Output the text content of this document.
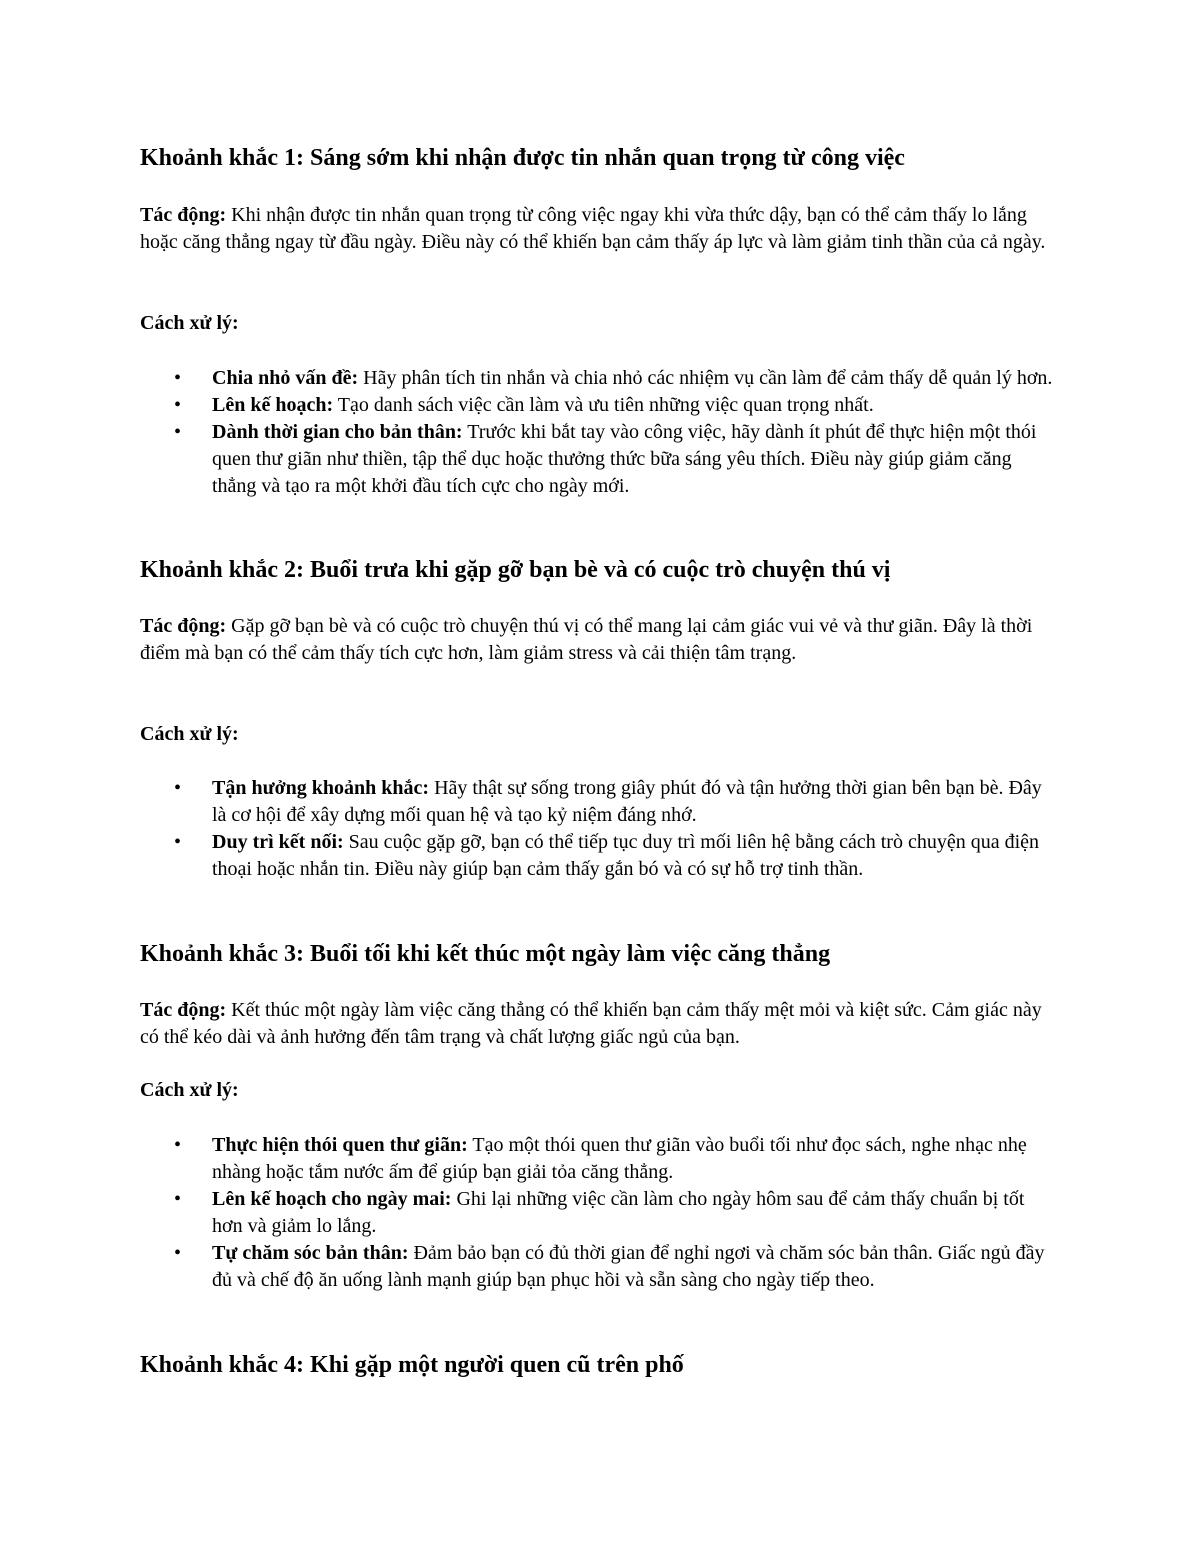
Khoảnh khắc 1: Sáng sớm khi nhận được tin nhắn quan trọng từ công việc

Tác động: Khi nhận được tin nhắn quan trọng từ công việc ngay khi vừa thức dậy, bạn có thể cảm thấy lo lắng hoặc căng thẳng ngay từ đầu ngày. Điều này có thể khiến bạn cảm thấy áp lực và làm giảm tinh thần của cả ngày.

Cách xử lý:

• Chia nhỏ vấn đề: Hãy phân tích tin nhắn và chia nhỏ các nhiệm vụ cần làm để cảm thấy dễ quản lý hơn.
• Lên kế hoạch: Tạo danh sách việc cần làm và ưu tiên những việc quan trọng nhất.
• Dành thời gian cho bản thân: Trước khi bắt tay vào công việc, hãy dành ít phút để thực hiện một thói quen thư giãn như thiền, tập thể dục hoặc thưởng thức bữa sáng yêu thích. Điều này giúp giảm căng thẳng và tạo ra một khởi đầu tích cực cho ngày mới.
Khoảnh khắc 2: Buổi trưa khi gặp gỡ bạn bè và có cuộc trò chuyện thú vị

Tác động: Gặp gỡ bạn bè và có cuộc trò chuyện thú vị có thể mang lại cảm giác vui vẻ và thư giãn. Đây là thời điểm mà bạn có thể cảm thấy tích cực hơn, làm giảm stress và cải thiện tâm trạng.

Cách xử lý:

• Tận hưởng khoảnh khắc: Hãy thật sự sống trong giây phút đó và tận hưởng thời gian bên bạn bè. Đây là cơ hội để xây dựng mối quan hệ và tạo kỷ niệm đáng nhớ.
• Duy trì kết nối: Sau cuộc gặp gỡ, bạn có thể tiếp tục duy trì mối liên hệ bằng cách trò chuyện qua điện thoại hoặc nhắn tin. Điều này giúp bạn cảm thấy gắn bó và có sự hỗ trợ tinh thần.
Khoảnh khắc 3: Buổi tối khi kết thúc một ngày làm việc căng thẳng

Tác động: Kết thúc một ngày làm việc căng thẳng có thể khiến bạn cảm thấy mệt mỏi và kiệt sức. Cảm giác này có thể kéo dài và ảnh hưởng đến tâm trạng và chất lượng giấc ngủ của bạn.

Cách xử lý:

• Thực hiện thói quen thư giãn: Tạo một thói quen thư giãn vào buổi tối như đọc sách, nghe nhạc nhẹ nhàng hoặc tắm nước ấm để giúp bạn giải tỏa căng thẳng.
• Lên kế hoạch cho ngày mai: Ghi lại những việc cần làm cho ngày hôm sau để cảm thấy chuẩn bị tốt hơn và giảm lo lắng.
• Tự chăm sóc bản thân: Đảm bảo bạn có đủ thời gian để nghỉ ngơi và chăm sóc bản thân. Giấc ngủ đầy đủ và chế độ ăn uống lành mạnh giúp bạn phục hồi và sẵn sàng cho ngày tiếp theo.
Khoảnh khắc 4: Khi gặp một người quen cũ trên phố
